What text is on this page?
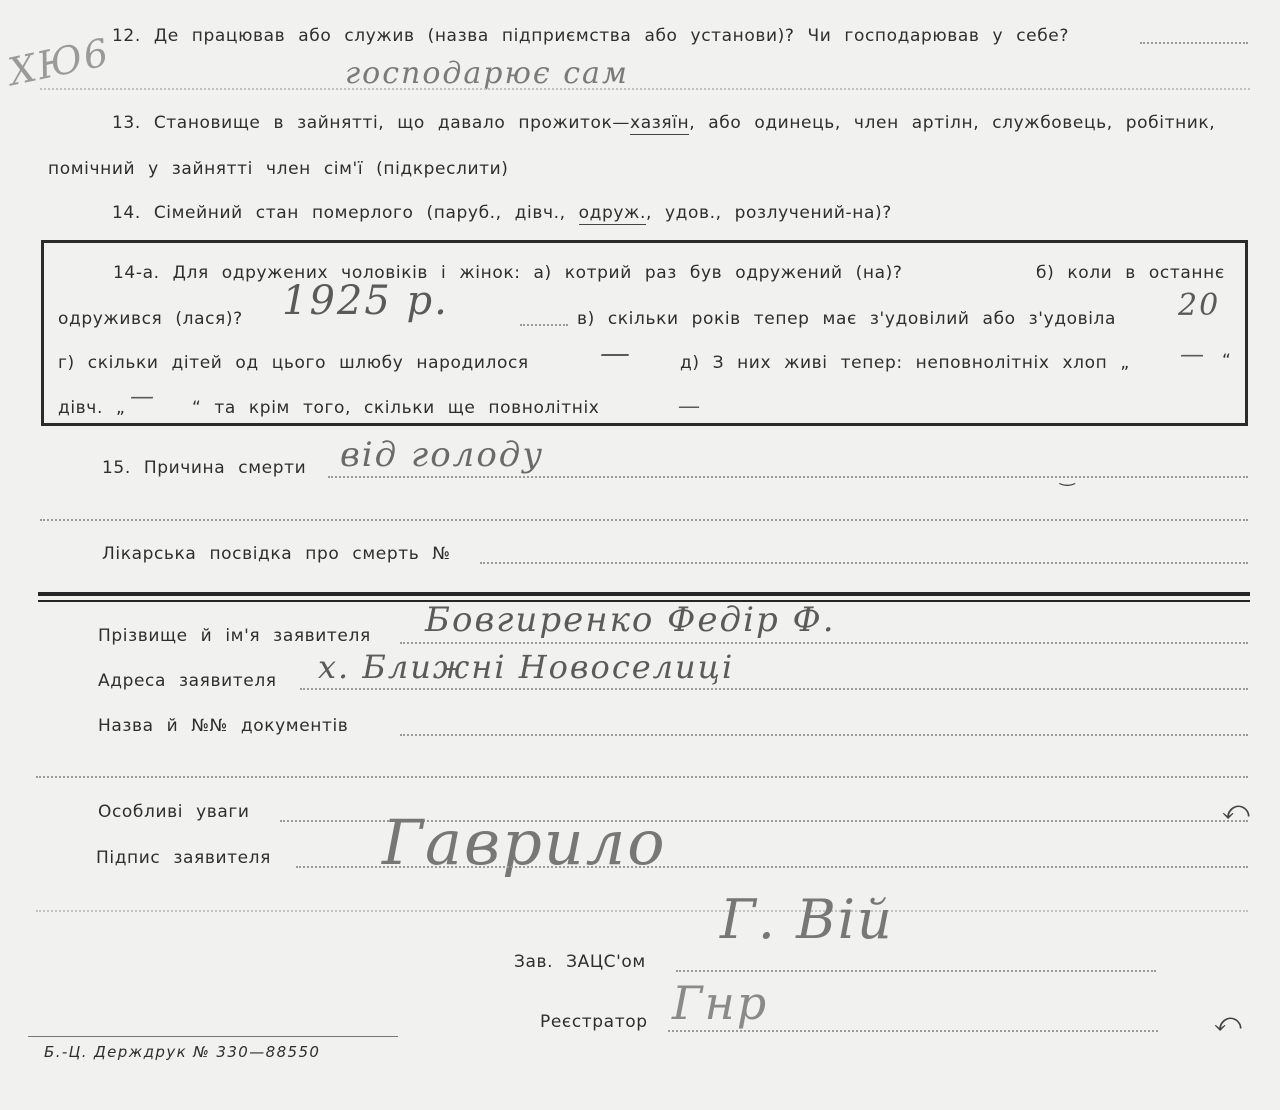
ХЮ6
12. Де працював або служив (назва підприємства або установи)? Чи господарював у себе?
господарює сам
13. Становище в зайнятті, що давало прожиток—хазяїн, або одинець, член артілн, службовець, робітник,
помічний у зайнятті член сім'ї (підкреслити)
14. Сімейний стан померлого (паруб., дівч., одруж., удов., розлучений-на)?
14-а. Для одружених чоловіків і жінок: а) котрий раз був одружений (на)?	б) коли в останнє
одружився (лася)? 1925 р.	в) скільки років тепер має з'удовілий або з'удовіла 20
г) скільки дітей од цього шлюбу народилося —	д) З них живі тепер: неповнолітніх хлоп „ — “
дівч. „ — “ та крім того, скільки ще повнолітніх	—
15. Причина смерти від голоду
Лікарська посвідка про смерть №
Прізвище й ім'я заявителя Бовгиренко Федір Ф.
Адреса заявителя х. Ближні Новоселиці
Назва й №№ документів
Особливі уваги
Підпис заявителя Гаврило
Зав. ЗАЦС'ом
Г. Вій
Реєстратор Гнр
Б.-Ц. Держдрук № 330—88550
‿
⤺
⤺
